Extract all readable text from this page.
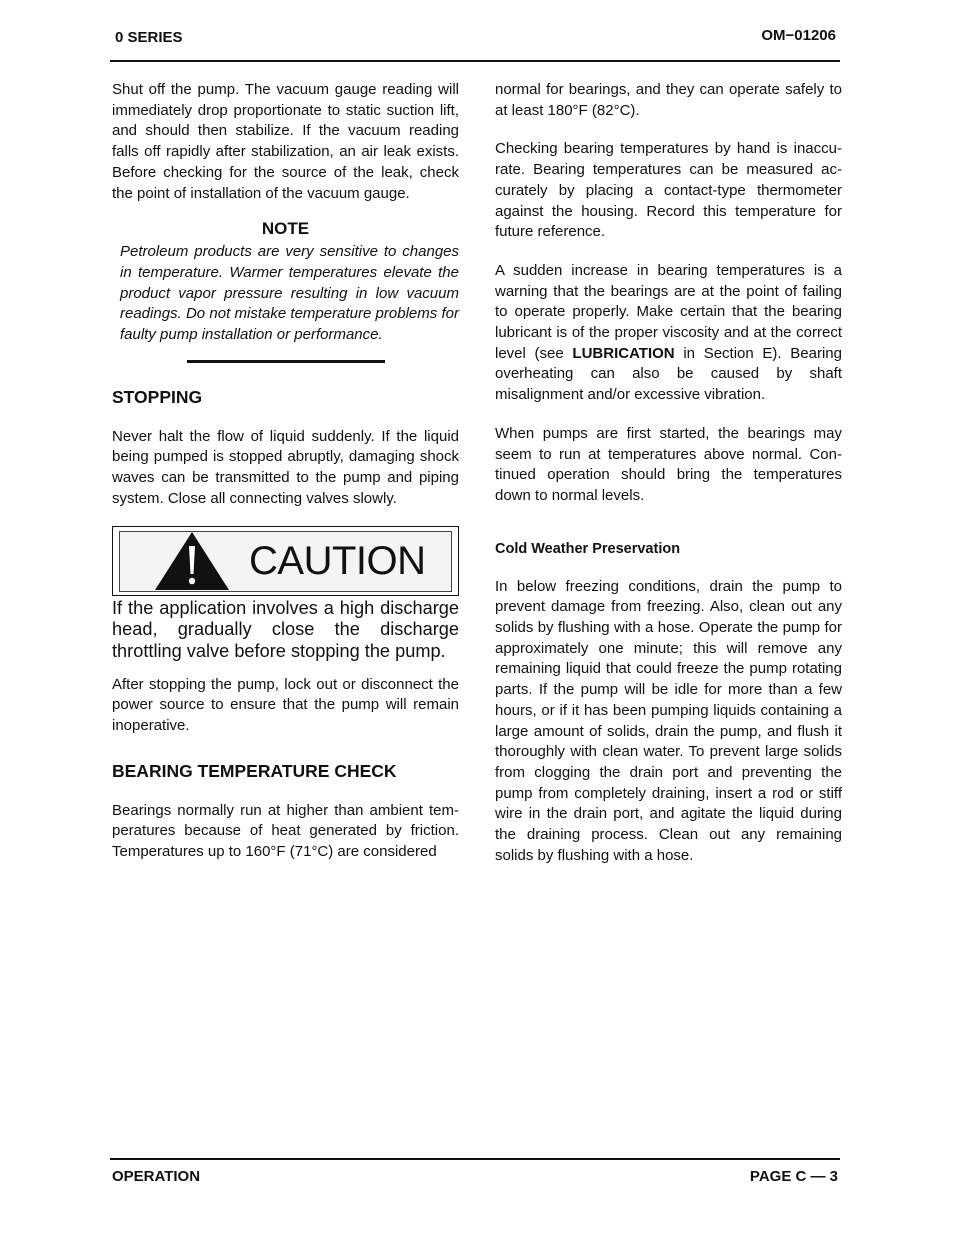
0 SERIES	OM−01206

Shut off the pump. The vacuum gauge reading will immediately drop proportionate to static suction lift, and should then stabilize. If the vacuum reading falls off rapidly after stabilization, an air leak exists. Before checking for the source of the leak, check the point of installation of the vacuum gauge.

NOTE

Petroleum products are very sensitive to changes in temperature. Warmer temperatures elevate the product vapor pressure resulting in low vacuum readings. Do not mistake temperature problems for faulty pump installation or performance.

STOPPING

Never halt the flow of liquid suddenly. If the liquid being pumped is stopped abruptly, damaging shock waves can be transmitted to the pump and piping system. Close all connecting valves slowly.

CAUTION

If the application involves a high discharge head, gradually close the discharge throttling valve before stopping the pump.

After stopping the pump, lock out or disconnect the power source to ensure that the pump will remain inoperative.

BEARING TEMPERATURE CHECK

Bearings normally run at higher than ambient temperatures because of heat generated by friction. Temperatures up to 160°F (71°C) are considered

normal for bearings, and they can operate safely to at least 180°F (82°C).

Checking bearing temperatures by hand is inaccurate. Bearing temperatures can be measured accurately by placing a contact-type thermometer against the housing. Record this temperature for future reference.

A sudden increase in bearing temperatures is a warning that the bearings are at the point of failing to operate properly. Make certain that the bearing lubricant is of the proper viscosity and at the correct level (see LUBRICATION in Section E). Bearing overheating can also be caused by shaft misalignment and/or excessive vibration.

When pumps are first started, the bearings may seem to run at temperatures above normal. Continued operation should bring the temperatures down to normal levels.

Cold Weather Preservation

In below freezing conditions, drain the pump to prevent damage from freezing. Also, clean out any solids by flushing with a hose. Operate the pump for approximately one minute; this will remove any remaining liquid that could freeze the pump rotating parts. If the pump will be idle for more than a few hours, or if it has been pumping liquids containing a large amount of solids, drain the pump, and flush it thoroughly with clean water. To prevent large solids from clogging the drain port and preventing the pump from completely draining, insert a rod or stiff wire in the drain port, and agitate the liquid during the draining process. Clean out any remaining solids by flushing with a hose.

OPERATION	PAGE C — 3
